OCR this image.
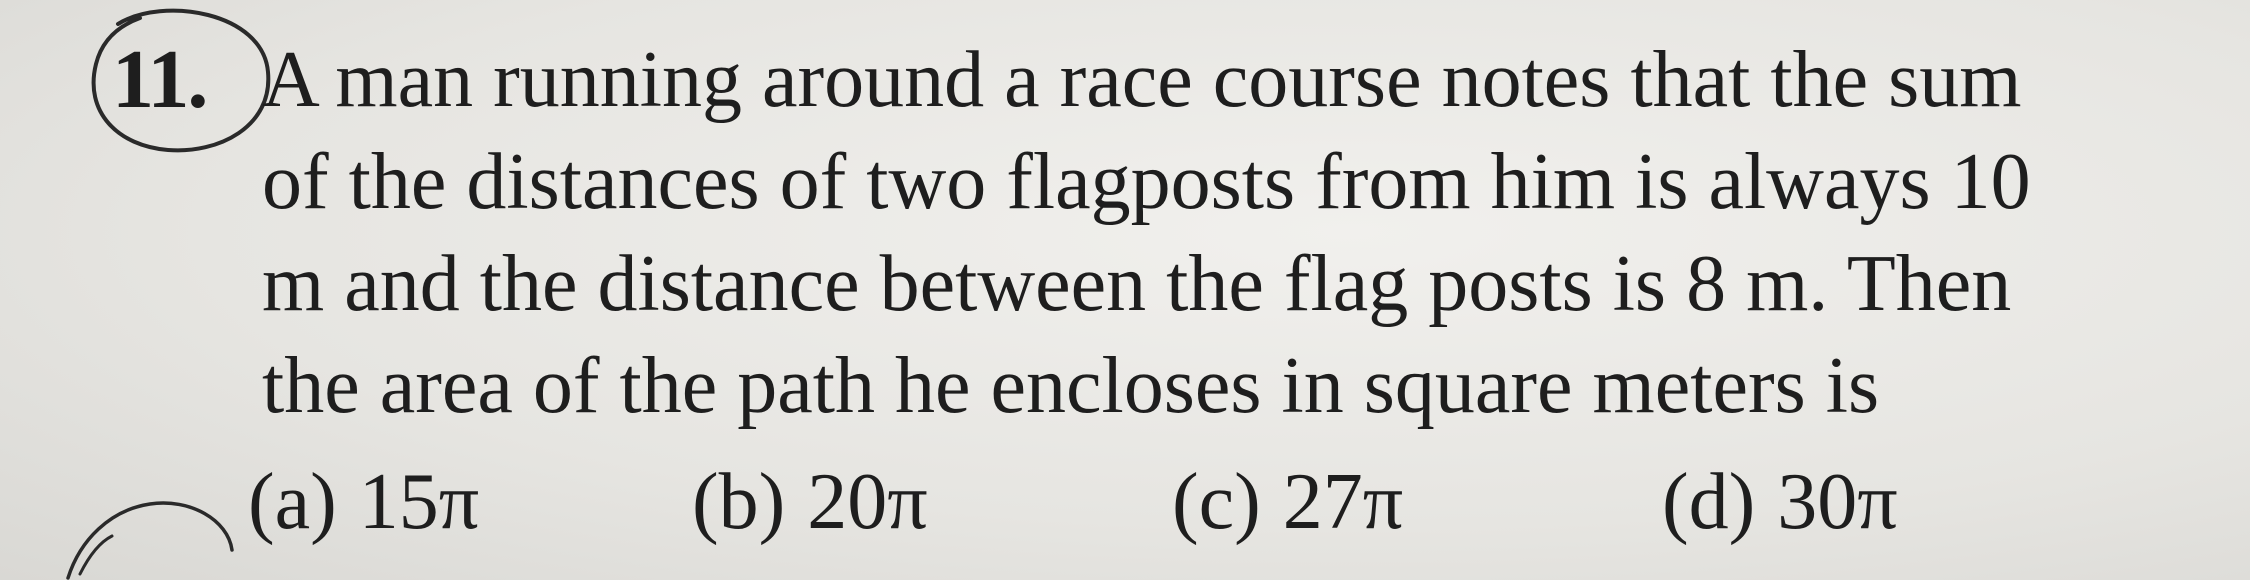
11. A man running around a race course notes that the sum
of the distances of two flagposts from him is always 10
m and the distance between the flag posts is 8 m. Then
the area of the path he encloses in square meters is
(a) 15π	(b) 20π	(c) 27π	(d) 30π
